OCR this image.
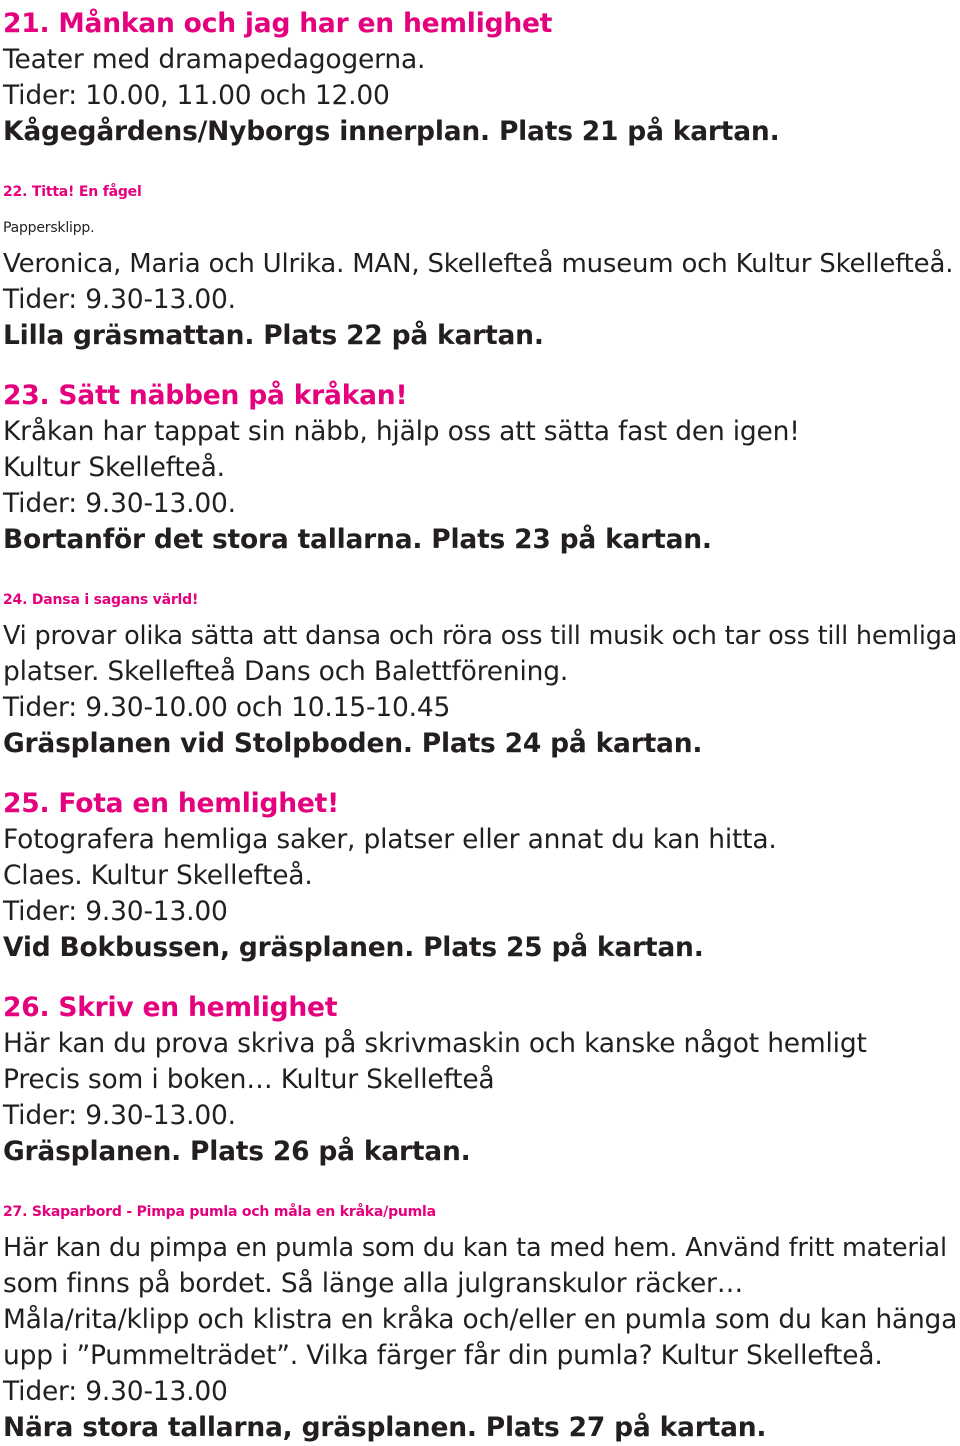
21. Månkan och jag har en hemlighet
Teater med dramapedagogerna.
Tider: 10.00, 11.00 och 12.00
Kågegårdens/Nyborgs innerplan. Plats 21 på kartan.
22. Titta! En fågel
Pappersklipp.
Veronica, Maria och Ulrika. MAN, Skellefteå museum och Kultur Skellefteå.
Tider: 9.30-13.00.
Lilla gräsmattan. Plats 22 på kartan.
23. Sätt näbben på kråkan!
Kråkan har tappat sin näbb, hjälp oss att sätta fast den igen!
Kultur Skellefteå.
Tider: 9.30-13.00.
Bortanför det stora tallarna. Plats 23 på kartan.
24. Dansa i sagans värld!
Vi provar olika sätta att dansa och röra oss till musik och tar oss till hemliga
platser. Skellefteå Dans och Balettförening.
Tider: 9.30-10.00 och 10.15-10.45
Gräsplanen vid Stolpboden. Plats 24 på kartan.
25. Fota en hemlighet!
Fotografera hemliga saker, platser eller annat du kan hitta.
Claes. Kultur Skellefteå.
Tider: 9.30-13.00
Vid Bokbussen, gräsplanen. Plats 25 på kartan.
26. Skriv en hemlighet
Här kan du prova skriva på skrivmaskin och kanske något hemligt
Precis som i boken… Kultur Skellefteå
Tider: 9.30-13.00.
Gräsplanen. Plats 26 på kartan.
27. Skaparbord - Pimpa pumla och måla en kråka/pumla
Här kan du pimpa en pumla som du kan ta med hem. Använd fritt material
som finns på bordet. Så länge alla julgranskulor räcker…
Måla/rita/klipp och klistra en kråka och/eller en pumla som du kan hänga
upp i ”Pummelträdet”. Vilka färger får din pumla? Kultur Skellefteå.
Tider: 9.30-13.00
Nära stora tallarna, gräsplanen. Plats 27 på kartan.
